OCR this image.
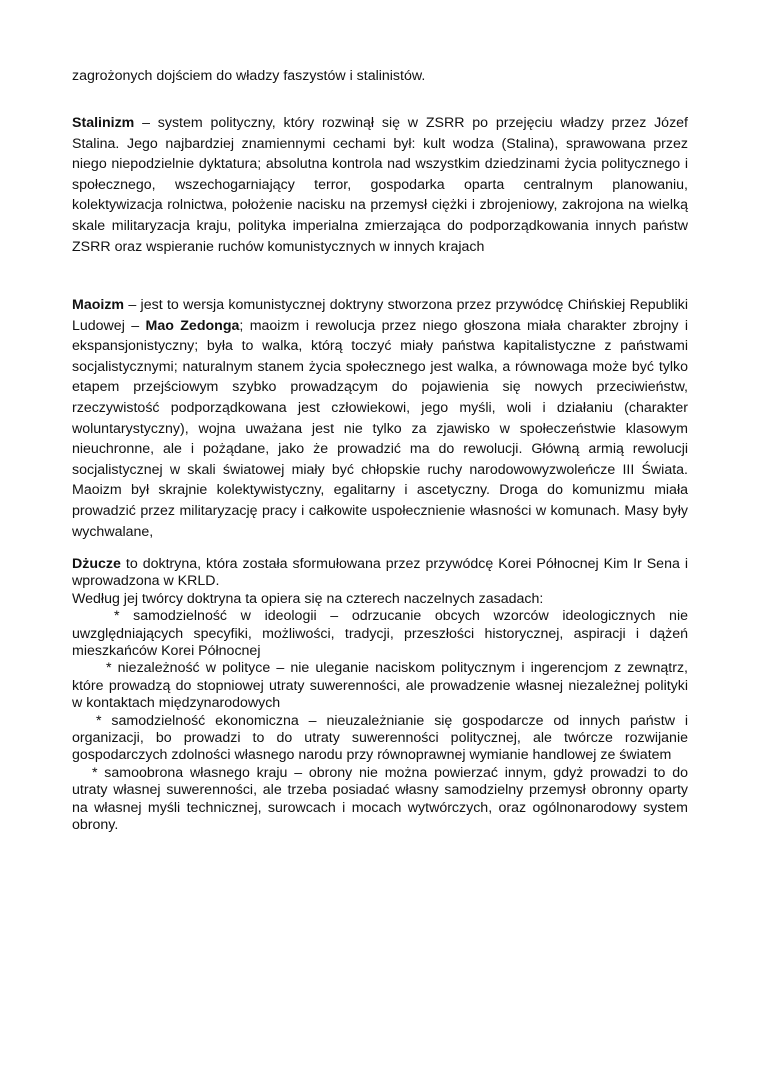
zagrożonych dojściem do władzy faszystów i stalinistów.

Stalinizm – system polityczny, który rozwinął się w ZSRR po przejęciu władzy przez Józef Stalina. Jego najbardziej znamiennymi cechami był: kult wodza (Stalina), sprawowana przez niego niepodzielnie dyktatura; absolutna kontrola nad wszystkim dziedzinami życia politycznego i społecznego, wszechogarniający terror, gospodarka oparta centralnym planowaniu, kolektywizacja rolnictwa, położenie nacisku na przemysł ciężki i zbrojeniowy, zakrojona na wielką skale militaryzacja kraju, polityka imperialna zmierzająca do podporządkowania innych państw ZSRR oraz wspieranie ruchów komunistycznych w innych krajach

Maoizm – jest to wersja komunistycznej doktryny stworzona przez przywódcę Chińskiej Republiki Ludowej – Mao Zedonga; maoizm i rewolucja przez niego głoszona miała charakter zbrojny i ekspansjonistyczny; była to walka, którą toczyć miały państwa kapitalistyczne z państwami socjalistycznymi; naturalnym stanem życia społecznego jest walka, a równowaga może być tylko etapem przejściowym szybko prowadzącym do pojawienia się nowych przeciwieństw, rzeczywistość podporządkowana jest człowiekowi, jego myśli, woli i działaniu (charakter woluntarystyczny), wojna uważana jest nie tylko za zjawisko w społeczeństwie klasowym nieuchronne, ale i pożądane, jako że prowadzić ma do rewolucji. Główną armią rewolucji socjalistycznej w skali światowej miały być chłopskie ruchy narodowowyzwoleńcze III Świata. Maoizm był skrajnie kolektywistyczny, egalitarny i ascetyczny. Droga do komunizmu miała prowadzić przez militaryzację pracy i całkowite uspołecznienie własności w komunach. Masy były wychwalane,

Dżucze to doktryna, która została sformułowana przez przywódcę Korei Północnej Kim Ir Sena i wprowadzona w KRLD.

Według jej twórcy doktryna ta opiera się na czterech naczelnych zasadach:

* samodzielność w ideologii – odrzucanie obcych wzorców ideologicznych nie uwzględniających specyfiki, możliwości, tradycji, przeszłości historycznej, aspiracji i dążeń mieszkańców Korei Północnej

* niezależność w polityce – nie uleganie naciskom politycznym i ingerencjom z zewnątrz, które prowadzą do stopniowej utraty suwerenności, ale prowadzenie własnej niezależnej polityki w kontaktach międzynarodowych

* samodzielność ekonomiczna – nieuzależnianie się gospodarcze od innych państw i organizacji, bo prowadzi to do utraty suwerenności politycznej, ale twórcze rozwijanie gospodarczych zdolności własnego narodu przy równoprawnej wymianie handlowej ze światem

* samoobrona własnego kraju – obrony nie można powierzać innym, gdyż prowadzi to do utraty własnej suwerenności, ale trzeba posiadać własny samodzielny przemysł obronny oparty na własnej myśli technicznej, surowcach i mocach wytwórczych, oraz ogólnonarodowy system obrony.
